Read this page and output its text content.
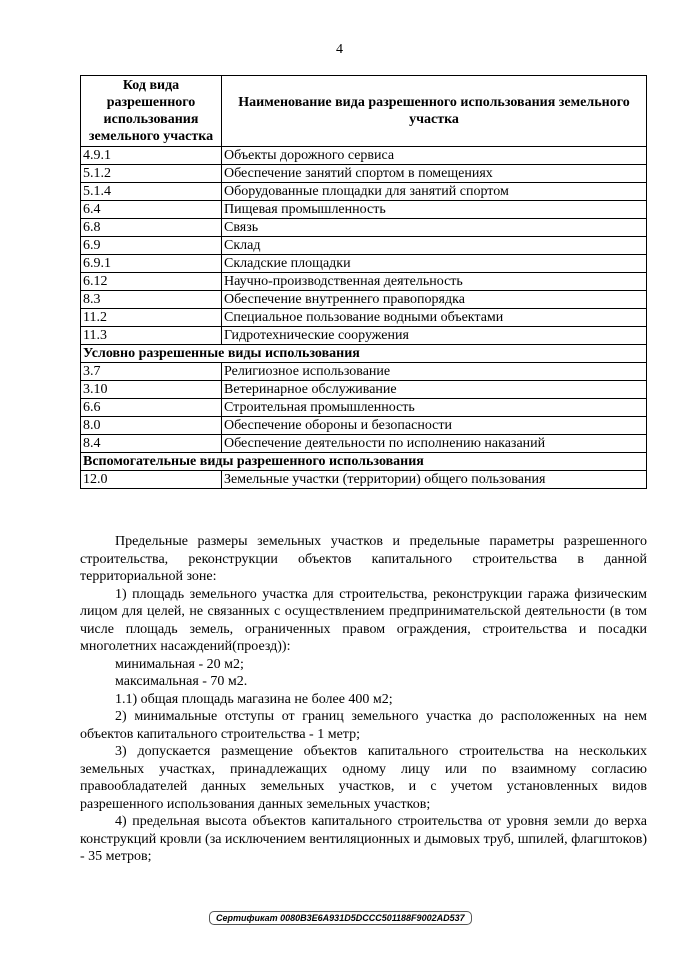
4
Код вида разрешенного использования земельного участка	Наименование вида разрешенного использования земельного участка
4.9.1	Объекты дорожного сервиса
5.1.2	Обеспечение занятий спортом в помещениях
5.1.4	Оборудованные площадки для занятий спортом
6.4	Пищевая промышленность
6.8	Связь
6.9	Склад
6.9.1	Складские площадки
6.12	Научно-производственная деятельность
8.3	Обеспечение внутреннего правопорядка
11.2	Специальное пользование водными объектами
11.3	Гидротехнические сооружения
Условно разрешенные виды использования	
3.7	Религиозное использование
3.10	Ветеринарное обслуживание
6.6	Строительная промышленность
8.0	Обеспечение обороны и безопасности
8.4	Обеспечение деятельности по исполнению наказаний
Вспомогательные виды разрешенного использования	
12.0	Земельные участки (территории) общего пользования

Предельные размеры земельных участков и предельные параметры разрешенного строительства, реконструкции объектов капитального строительства в данной территориальной зоне:

1) площадь земельного участка для строительства, реконструкции гаража физическим лицом для целей, не связанных с осуществлением предпринимательской деятельности (в том числе площадь земель, ограниченных правом ограждения, строительства и посадки многолетних насаждений(проезд)):

минимальная - 20 м2;

максимальная - 70 м2.

1.1) общая площадь магазина не более 400 м2;

2) минимальные отступы от границ земельного участка до расположенных на нем объектов капитального строительства - 1 метр;

3) допускается размещение объектов капитального строительства на нескольких земельных участках, принадлежащих одному лицу или по взаимному согласию правообладателей данных земельных участков, и с учетом установленных видов разрешенного использования данных земельных участков;

4) предельная высота объектов капитального строительства от уровня земли до верха конструкций кровли (за исключением вентиляционных и дымовых труб, шпилей, флагштоков) - 35 метров;

Сертификат 0080B3E6A931D5DCCC501188F9002AD537
